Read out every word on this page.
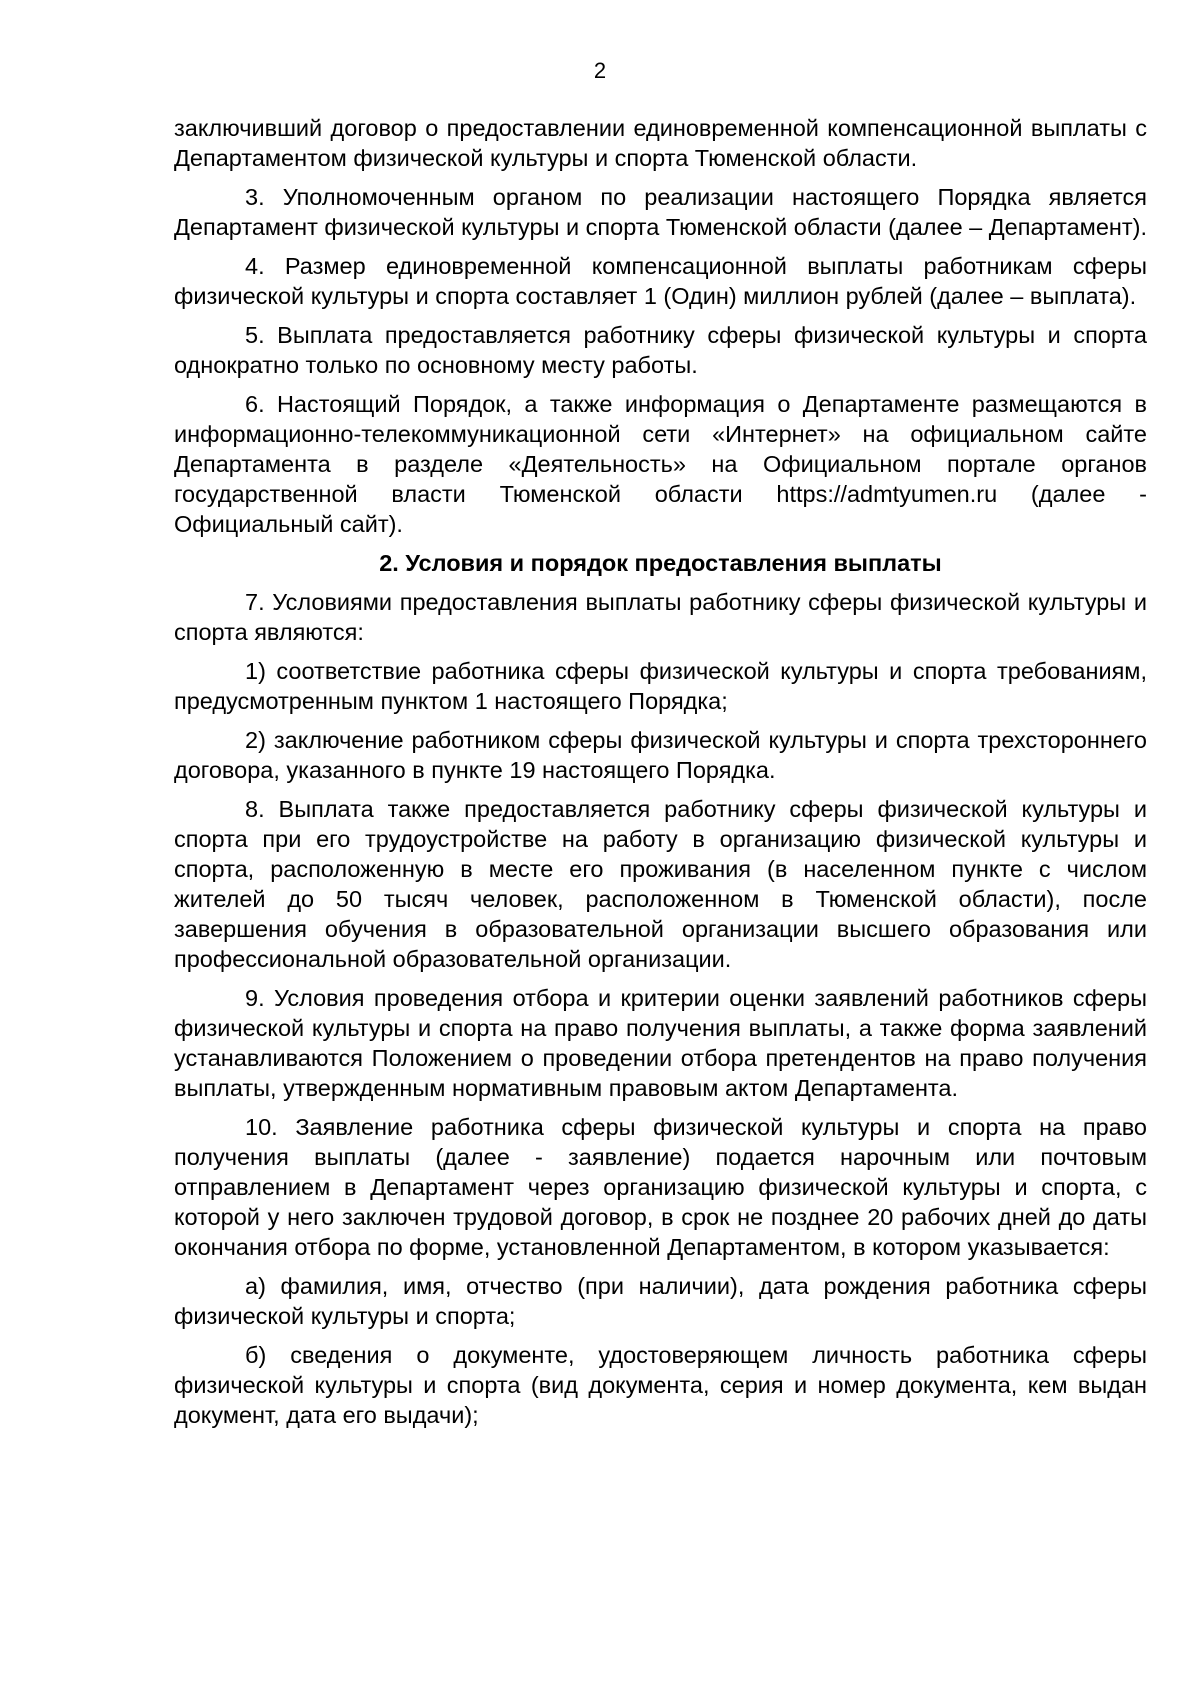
2

заключивший договор о предоставлении единовременной компенсационной выплаты с Департаментом физической культуры и спорта Тюменской области.

3. Уполномоченным органом по реализации настоящего Порядка является Департамент физической культуры и спорта Тюменской области (далее – Департамент).

4. Размер единовременной компенсационной выплаты работникам сферы физической культуры и спорта составляет 1 (Один) миллион рублей (далее – выплата).

5. Выплата предоставляется работнику сферы физической культуры и спорта однократно только по основному месту работы.

6. Настоящий Порядок, а также информация о Департаменте размещаются в информационно-телекоммуникационной сети «Интернет» на официальном сайте Департамента в разделе «Деятельность» на Официальном портале органов государственной власти Тюменской области https://admtyumen.ru (далее - Официальный сайт).

2. Условия и порядок предоставления выплаты

7. Условиями предоставления выплаты работнику сферы физической культуры и спорта являются:

1) соответствие работника сферы физической культуры и спорта требованиям, предусмотренным пунктом 1 настоящего Порядка;

2) заключение работником сферы физической культуры и спорта трехстороннего договора, указанного в пункте 19 настоящего Порядка.

8. Выплата также предоставляется работнику сферы физической культуры и спорта при его трудоустройстве на работу в организацию физической культуры и спорта, расположенную в месте его проживания (в населенном пункте с числом жителей до 50 тысяч человек, расположенном в Тюменской области), после завершения обучения в образовательной организации высшего образования или профессиональной образовательной организации.

9. Условия проведения отбора и критерии оценки заявлений работников сферы физической культуры и спорта на право получения выплаты, а также форма заявлений устанавливаются Положением о проведении отбора претендентов на право получения выплаты, утвержденным нормативным правовым актом Департамента.

10. Заявление работника сферы физической культуры и спорта на право получения выплаты (далее - заявление) подается нарочным или почтовым отправлением в Департамент через организацию физической культуры и спорта, с которой у него заключен трудовой договор, в срок не позднее 20 рабочих дней до даты окончания отбора по форме, установленной Департаментом, в котором указывается:

а) фамилия, имя, отчество (при наличии), дата рождения работника сферы физической культуры и спорта;

б) сведения о документе, удостоверяющем личность работника сферы физической культуры и спорта (вид документа, серия и номер документа, кем выдан документ, дата его выдачи);
